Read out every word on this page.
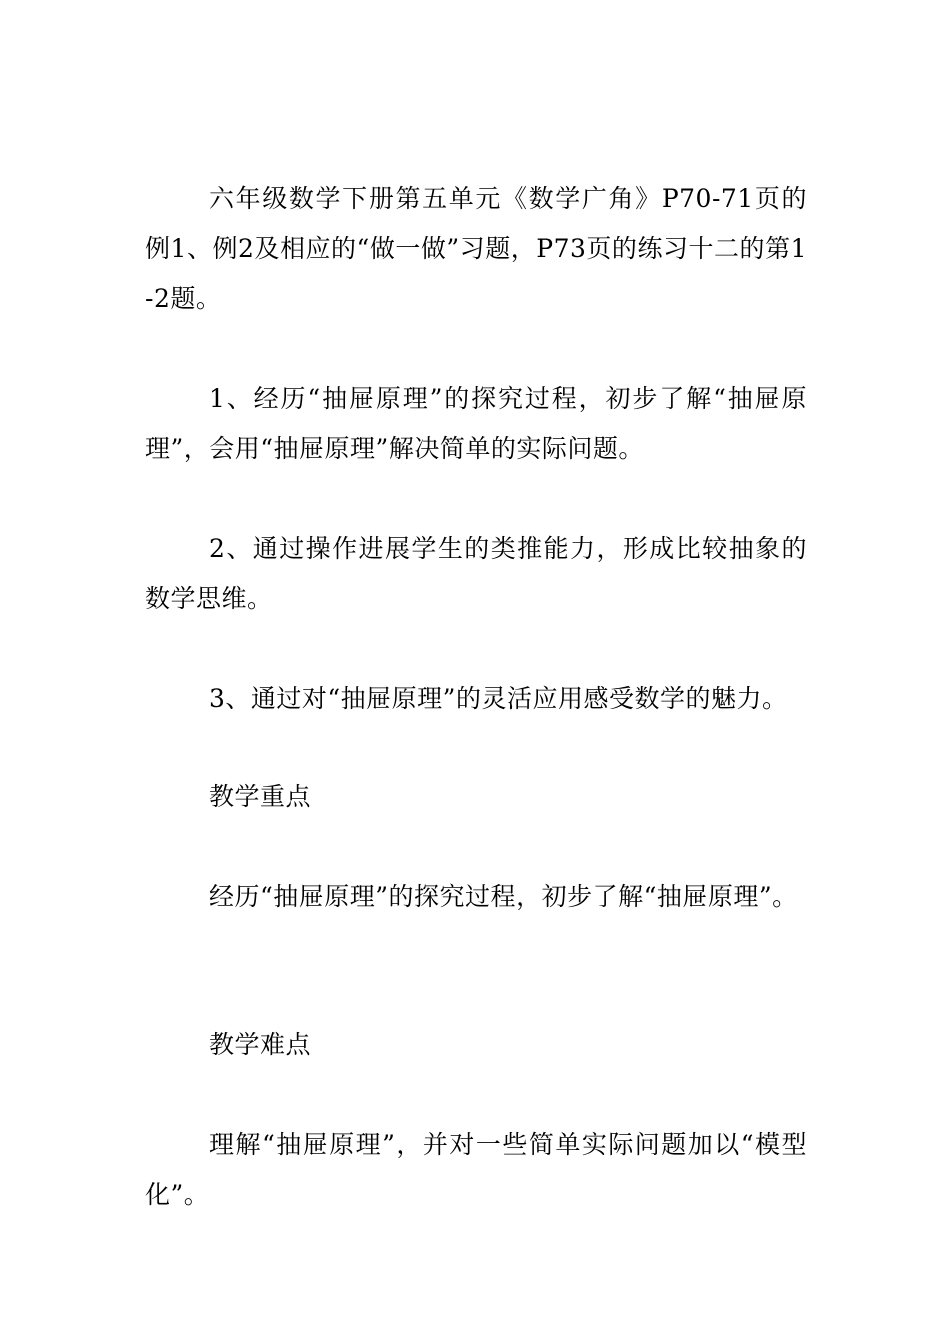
六年级数学下册第五单元《数学广角》P70-71页的例1、例2及相应的“做一做”习题，P73页的练习十二的第1-2题。

1、经历“抽屉原理”的探究过程，初步了解“抽屉原理”，会用“抽屉原理”解决简单的实际问题。

2、通过操作进展学生的类推能力，形成比较抽象的数学思维。

3、通过对“抽屉原理”的灵活应用感受数学的魅力。

教学重点

经历“抽屉原理”的探究过程，初步了解“抽屉原理”。

教学难点

理解“抽屉原理”，并对一些简单实际问题加以“模型化”。
